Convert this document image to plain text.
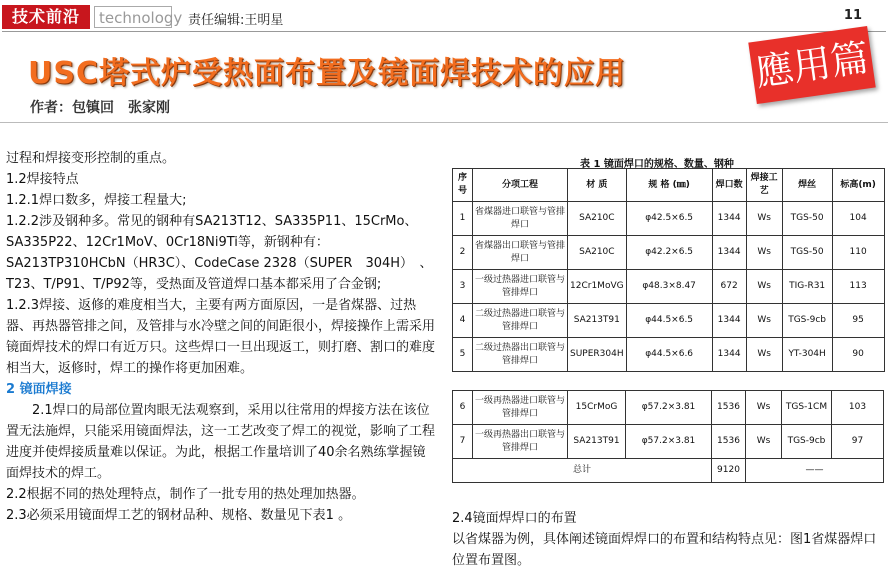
技术前沿	technology 责任编辑:王明星	11
USC塔式炉受热面布置及镜面焊技术的应用	應用篇
作者：包镇回　张家刚

过程和焊接变形控制的重点。

1.2焊接特点

1.2.1焊口数多，焊接工程量大;

1.2.2涉及钢种多。常见的钢种有SA213T12、SA335P11、15CrMo、SA335P22、12Cr1MoV、0Cr18Ni9Ti等，新钢种有：SA213TP310HCbN（HR3C）、CodeCase 2328（SUPER　304H）　、T23、T/P91、T/P92等，受热面及管道焊口基本都采用了合金钢;

1.2.3焊接、返修的难度相当大，主要有两方面原因，一是省煤器、过热器、再热器管排之间，及管排与水冷壁之间的间距很小，焊接操作上需采用镜面焊技术的焊口有近万只。这些焊口一旦出现返工，则打磨、割口的难度相当大，返修时，焊工的操作将更加困难。

2 镜面焊接

2.1焊口的局部位置肉眼无法观察到，采用以往常用的焊接方法在该位置无法施焊，只能采用镜面焊法，这一工艺改变了焊工的视觉，影响了工程进度并使焊接质量难以保证。为此，根据工作量培训了40余名熟练掌握镜面焊技术的焊工。

2.2根据不同的热处理特点，制作了一批专用的热处理加热器。

2.3必须采用镜面焊工艺的钢材品种、规格、数量见下表1 。

表 1 镜面焊口的规格、数量、钢种
序号	分项工程	材 质	规 格 (㎜)	焊口数	焊接工艺	焊丝	标高(m)
1	省煤器进口联管与管排焊口	SA210C	φ42.5×6.5	1344	Ws	TGS-50	104
2	省煤器出口联管与管排焊口	SA210C	φ42.2×6.5	1344	Ws	TGS-50	110
3	一级过热器进口联管与管排焊口	12Cr1MoVG	φ48.3×8.47	672	Ws	TIG-R31	113
4	二级过热器进口联管与管排焊口	SA213T91	φ44.5×6.5	1344	Ws	TGS-9cb	95
5	二级过热器出口联管与管排焊口	SUPER304H	φ44.5×6.6	1344	Ws	YT-304H	90
6	一级再热器进口联管与管排焊口	15CrMoG	φ57.2×3.81	1536	Ws	TGS-1CM	103
7	一级再热器出口联管与管排焊口	SA213T91	φ57.2×3.81	1536	Ws	TGS-9cb	97
总计				9120	——		

2.4镜面焊焊口的布置

以省煤器为例，具体阐述镜面焊焊口的布置和结构特点见：图1省煤器焊口位置布置图。
